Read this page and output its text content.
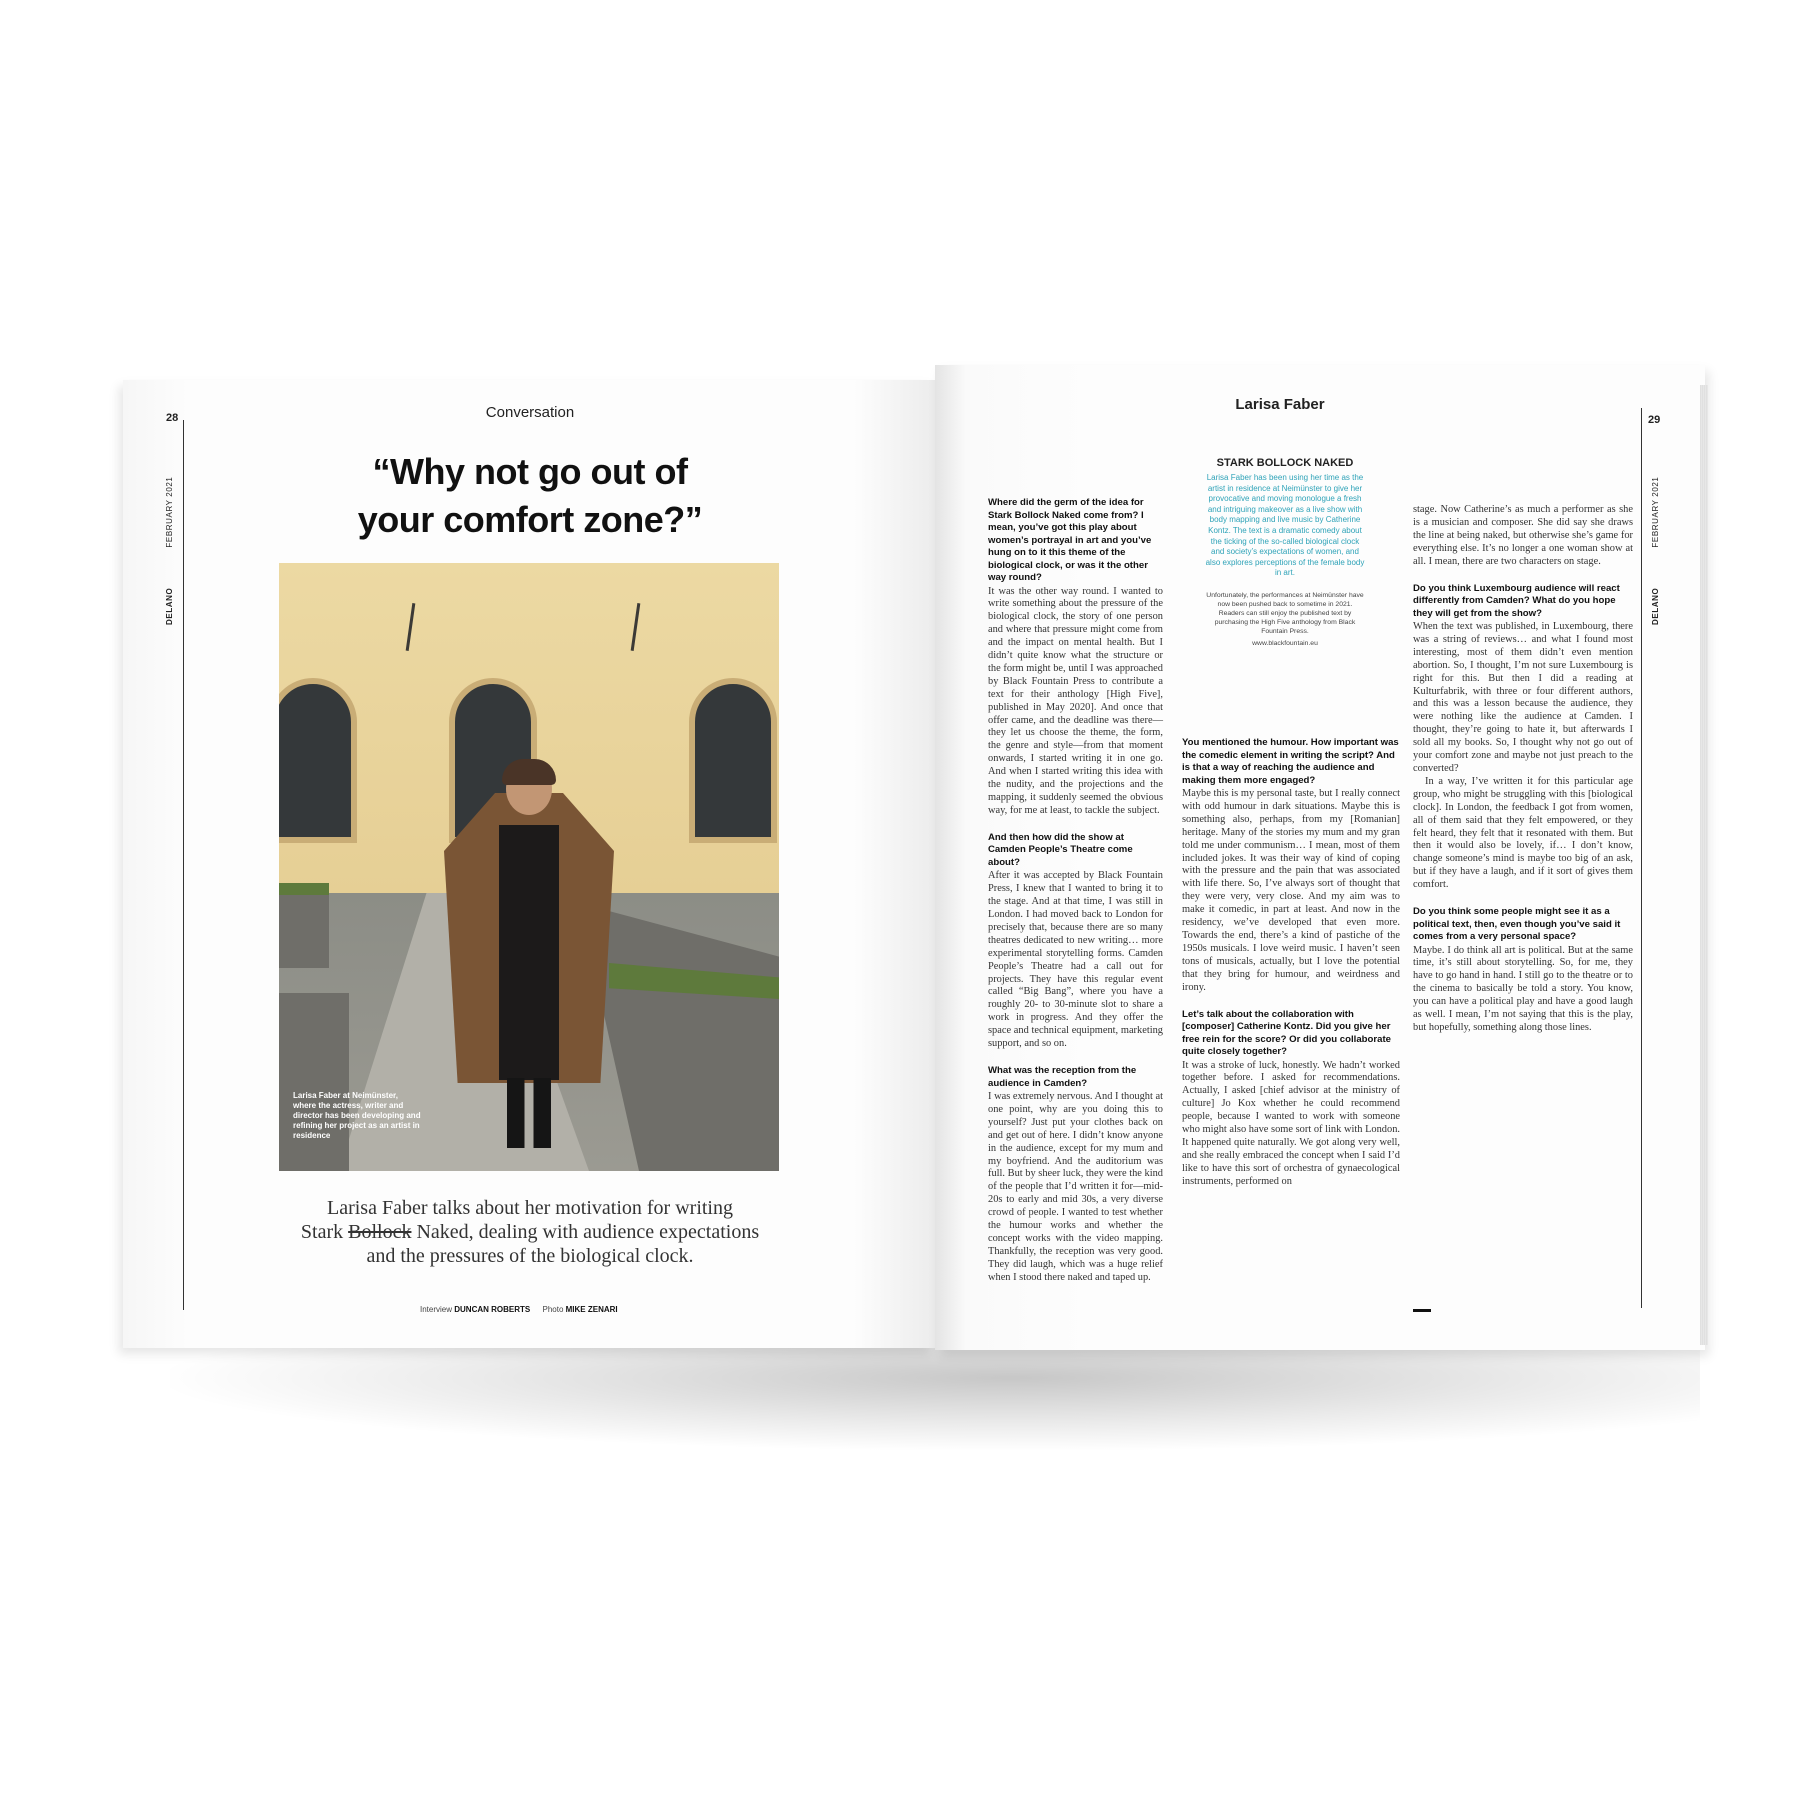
28
DELANOFEBRUARY 2021
Conversation
“Why not go out of
your comfort zone?”
Larisa Faber at Neimünster, where the actress, writer and director has been developing and refining her project as an artist in residence
Larisa Faber talks about her motivation for writing
Stark Bollock Naked, dealing with audience expectations
and the pressures of the biological clock.
Interview DUNCAN ROBERTS Photo MIKE ZENARI
29
DELANOFEBRUARY 2021
Larisa Faber
STARK BOLLOCK NAKED
Larisa Faber has been using her time as the artist in residence at Neimünster to give her provocative and moving monologue a fresh and intriguing makeover as a live show with body mapping and live music by Catherine Kontz. The text is a dramatic comedy about the ticking of the so-called biological clock and society’s expectations of women, and also explores perceptions of the female body in art.
Unfortunately, the performances at Neimünster have now been pushed back to sometime in 2021. Readers can still enjoy the published text by purchasing the High Five anthology from Black Fountain Press.
www.blackfountain.eu
Where did the germ of the idea for Stark Bollock Naked come from? I mean, you’ve got this play about women’s portrayal in art and you’ve hung on to it this theme of the biological clock, or was it the other way round?
It was the other way round. I wanted to write something about the pressure of the biological clock, the story of one person and where that pressure might come from and the impact on mental health. But I didn’t quite know what the structure or the form might be, until I was approached by Black Fountain Press to contribute a text for their anthology [High Five], published in May 2020]. And once that offer came, and the deadline was there—they let us choose the theme, the form, the genre and style—from that moment onwards, I started writing it in one go. And when I started writing this idea with the nudity, and the projections and the mapping, it suddenly seemed the obvious way, for me at least, to tackle the subject.
And then how did the show at Camden People’s Theatre come about?
After it was accepted by Black Fountain Press, I knew that I wanted to bring it to the stage. And at that time, I was still in London. I had moved back to London for precisely that, because there are so many theatres dedicated to new writing… more experimental storytelling forms. Camden People’s Theatre had a call out for projects. They have this regular event called “Big Bang”, where you have a roughly 20- to 30-minute slot to share a work in progress. And they offer the space and technical equipment, marketing support, and so on.
What was the reception from the audience in Camden?
I was extremely nervous. And I thought at one point, why are you doing this to yourself? Just put your clothes back on and get out of here. I didn’t know anyone in the audience, except for my mum and my boyfriend. And the auditorium was full. But by sheer luck, they were the kind of the people that I’d written it for—mid-20s to early and mid 30s, a very diverse crowd of people. I wanted to test whether the humour works and whether the concept works with the video mapping. Thankfully, the reception was very good. They did laugh, which was a huge relief when I stood there naked and taped up.
You mentioned the humour. How important was the comedic element in writing the script? And is that a way of reaching the audience and making them more engaged?
Maybe this is my personal taste, but I really connect with odd humour in dark situations. Maybe this is something also, perhaps, from my [Romanian] heritage. Many of the stories my mum and my gran told me under communism… I mean, most of them included jokes. It was their way of kind of coping with the pressure and the pain that was associated with life there. So, I’ve always sort of thought that they were very, very close. And my aim was to make it comedic, in part at least. And now in the residency, we’ve developed that even more. Towards the end, there’s a kind of pastiche of the 1950s musicals. I love weird music. I haven’t seen tons of musicals, actually, but I love the potential that they bring for humour, and weirdness and irony.
Let’s talk about the collaboration with [composer] Catherine Kontz. Did you give her free rein for the score? Or did you collaborate quite closely together?
It was a stroke of luck, honestly. We hadn’t worked together before. I asked for recommendations. Actually, I asked [chief advisor at the ministry of culture] Jo Kox whether he could recommend people, because I wanted to work with someone who might also have some sort of link with London. It happened quite naturally. We got along very well, and she really embraced the concept when I said I’d like to have this sort of orchestra of gynaecological instruments, performed on
stage. Now Catherine’s as much a performer as she is a musician and composer. She did say she draws the line at being naked, but otherwise she’s game for everything else. It’s no longer a one woman show at all. I mean, there are two characters on stage.
Do you think Luxembourg audience will react differently from Camden? What do you hope they will get from the show?
When the text was published, in Luxembourg, there was a string of reviews… and what I found most interesting, most of them didn’t even mention abortion. So, I thought, I’m not sure Luxembourg is right for this. But then I did a reading at Kulturfabrik, with three or four different authors, and this was a lesson because the audience, they were nothing like the audience at Camden. I thought, they’re going to hate it, but afterwards I sold all my books. So, I thought why not go out of your comfort zone and maybe not just preach to the converted?
In a way, I’ve written it for this particular age group, who might be struggling with this [biological clock]. In London, the feedback I got from women, all of them said that they felt empowered, or they felt heard, they felt that it resonated with them. But then it would also be lovely, if… I don’t know, change someone’s mind is maybe too big of an ask, but if they have a laugh, and if it sort of gives them comfort.
Do you think some people might see it as a political text, then, even though you’ve said it comes from a very personal space?
Maybe. I do think all art is political. But at the same time, it’s still about storytelling. So, for me, they have to go hand in hand. I still go to the theatre or to the cinema to basically be told a story. You know, you can have a political play and have a good laugh as well. I mean, I’m not saying that this is the play, but hopefully, something along those lines.
